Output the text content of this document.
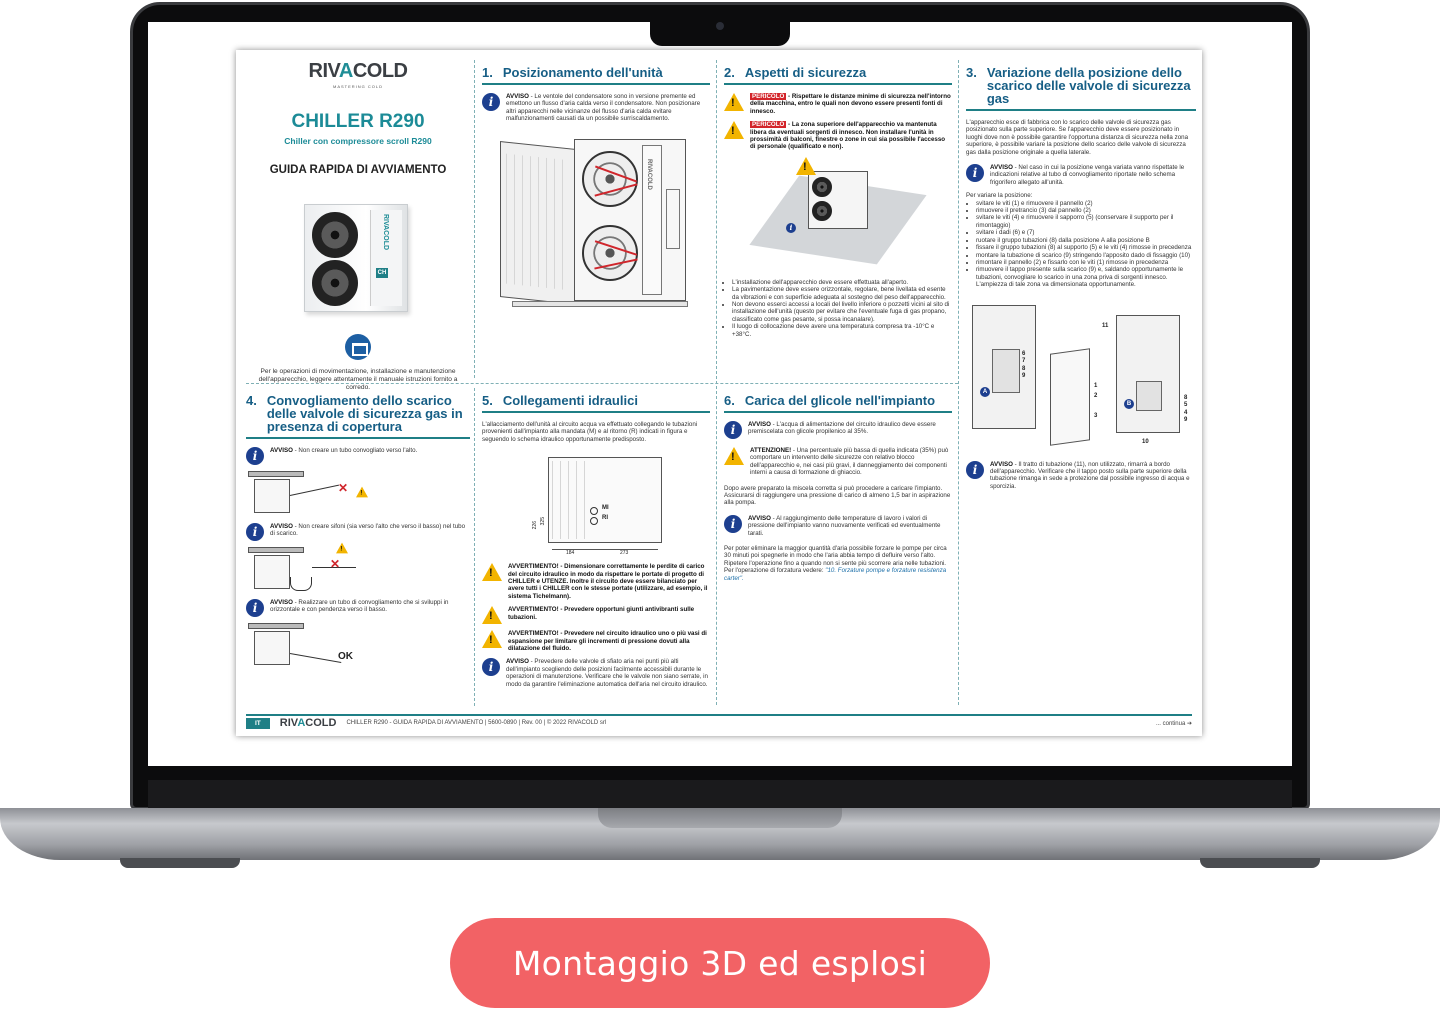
RIVACOLD
MASTERING COLD
CHILLER R290
Chiller con compressore scroll R290
GUIDA RAPIDA DI AVVIAMENTO
RIVACOLD
CH
Per le operazioni di movimentazione, installazione e manutenzione dell'apparecchio, leggere attentamente il manuale istruzioni fornito a corredo.
1. Posizionamento dell'unità
i	AVVISO - Le ventole del condensatore sono in versione premente ed emettono un flusso d'aria calda verso il condensatore. Non posizionare altri apparecchi nelle vicinanze del flusso d'aria calda evitare malfunzionamenti causati da un possibile surriscaldamento.
RIVACOLD
2. Aspetti di sicurezza
!
PERICOLO - Rispettare le distanze minime di sicurezza nell'intorno della macchina, entro le quali non devono essere presenti fonti di innesco.
!
PERICOLO - La zona superiore dell'apparecchio va mantenuta libera da eventuali sorgenti di innesco. Non installare l'unità in prossimità di balconi, finestre o zone in cui sia possibile l'accesso di personale (qualificato e non).
!
i
• L'installazione dell'apparecchio deve essere effettuata all'aperto.
• La pavimentazione deve essere orizzontale, regolare, bene livellata ed esente da vibrazioni e con superficie adeguata al sostegno del peso dell'apparecchio.
• Non devono esserci accessi a locali del livello inferiore o pozzetti vicini al sito di installazione dell'unità (questo per evitare che l'eventuale fuga di gas propano, classificato come gas pesante, si possa incanalare).
• Il luogo di collocazione deve avere una temperatura compresa tra -10°C e +38°C.
3. Variazione della posizione dello scarico delle valvole di sicurezza gas

L'apparecchio esce di fabbrica con lo scarico delle valvole di sicurezza gas posizionato sulla parte superiore. Se l'apparecchio deve essere posizionato in luoghi dove non è possibile garantire l'opportuna distanza di sicurezza nella zona superiore, è possibile variare la posizione dello scarico delle valvole di sicurezza gas dalla posizione originale a quella laterale.

i	AVVISO - Nel caso in cui la posizione venga variata vanno rispettate le indicazioni relative al tubo di convogliamento riportate nello schema frigorifero allegato all'unità.
Per variare la posizione:
• svitare le viti (1) e rimuovere il pannello (2)
• rimuovere il pretrancio (3) dal pannello (2)
• svitare le viti (4) e rimuovere il sapporro (5) (conservare il supporto per il rimontaggio)
• svitare i dadi (6) e (7)
• ruotare il gruppo tubazioni (8) dalla posizione A alla posizione B
• fissare il gruppo tubazioni (8) al supporto (5) e le viti (4) rimosse in precedenza
• montare la tubazione di scarico (9) stringendo l'apposito dado di fissaggio (10)
• rimontare il pannello (2) e fissarlo con le viti (1) rimosse in precedenza
• rimuovere il tappo presente sulla scarico (9) e, saldando opportunamente le tubazioni, convogliare lo scarico in una zona priva di sorgenti innesco. L'ampiezza di tale zona va dimensionata opportunamente.
6
7
8
9
A
1
2
3
11
8
5
4
9
B
10
i	AVVISO - Il tratto di tubazione (11), non utilizzato, rimarrà a bordo dell'apparecchio. Verificare che il tappo posto sulla parte superiore della tubazione rimanga in sede a protezione dal possibile ingresso di acqua e sporcizia.
4. Convogliamento dello scarico delle valvole di sicurezza gas in presenza di copertura
i	AVVISO - Non creare un tubo convogliato verso l'alto.
✕
!
i	AVVISO - Non creare sifoni (sia verso l'alto che verso il basso) nel tubo di scarico.
✕
!
i	AVVISO - Realizzare un tubo di convogliamento che si sviluppi in orizzontale e con pendenza verso il basso.
OK
5. Collegamenti idraulici

L'allacciamento dell'unità al circuito acqua va effettuato collegando le tubazioni provenienti dall'impianto alla mandata (M) e al ritorno (R) indicati in figura e seguendo lo schema idraulico opportunamente predisposto.

MI
RI
184	273
226 325
!
AVVERTIMENTO! - Dimensionare correttamente le perdite di carico del circuito idraulico in modo da rispettare le portate di progetto di CHILLER e UTENZE. Inoltre il circuito deve essere bilanciato per avere tutti i CHILLER con le stesse portate (utilizzare, ad esempio, il sistema Tichelmann).
!
AVVERTIMENTO! - Prevedere opportuni giunti antivibranti sulle tubazioni.
!
AVVERTIMENTO! - Prevedere nel circuito idraulico uno o più vasi di espansione per limitare gli incrementi di pressione dovuti alla dilatazione del fluido.
i	AVVISO - Prevedere delle valvole di sfiato aria nei punti più alti dell'impianto scegliendo delle posizioni facilmente accessibili durante le operazioni di manutenzione. Verificare che le valvole non siano serrate, in modo da garantire l'eliminazione automatica dell'aria nel circuito idraulico.
6. Carica del glicole nell'impianto
i	AVVISO - L'acqua di alimentazione del circuito idraulico deve essere premiscelata con glicole propilenico al 35%.
!
ATTENZIONE! - Una percentuale più bassa di quella indicata (35%) può comportare un intervento delle sicurezze con relativo blocco dell'apparecchio e, nei casi più gravi, il danneggiamento dei componenti interni a causa di formazione di ghiaccio.

Dopo avere preparato la miscela corretta si può procedere a caricare l'impianto. Assicurarsi di raggiungere una pressione di carico di almeno 1,5 bar in aspirazione alla pompa.

i	AVVISO - Al raggiungimento delle temperature di lavoro i valori di pressione dell'impianto vanno nuovamente verificati ed eventualmente tarati.

Per poter eliminare la maggior quantità d'aria possibile forzare le pompe per circa 30 minuti poi spegnerle in modo che l'aria abbia tempo di defluire verso l'alto. Ripetere l'operazione fino a quando non si sente più scorrere aria nelle tubazioni. Per l'operazione di forzatura vedere: "10. Forzature pompe e forzature resistenza carter".

IT	RIVACOLD CHILLER R290 - GUIDA RAPIDA DI AVVIAMENTO | 5600-0890 | Rev. 00 | © 2022 RIVACOLD srl	... continua ➔
Montaggio 3D ed esplosi
